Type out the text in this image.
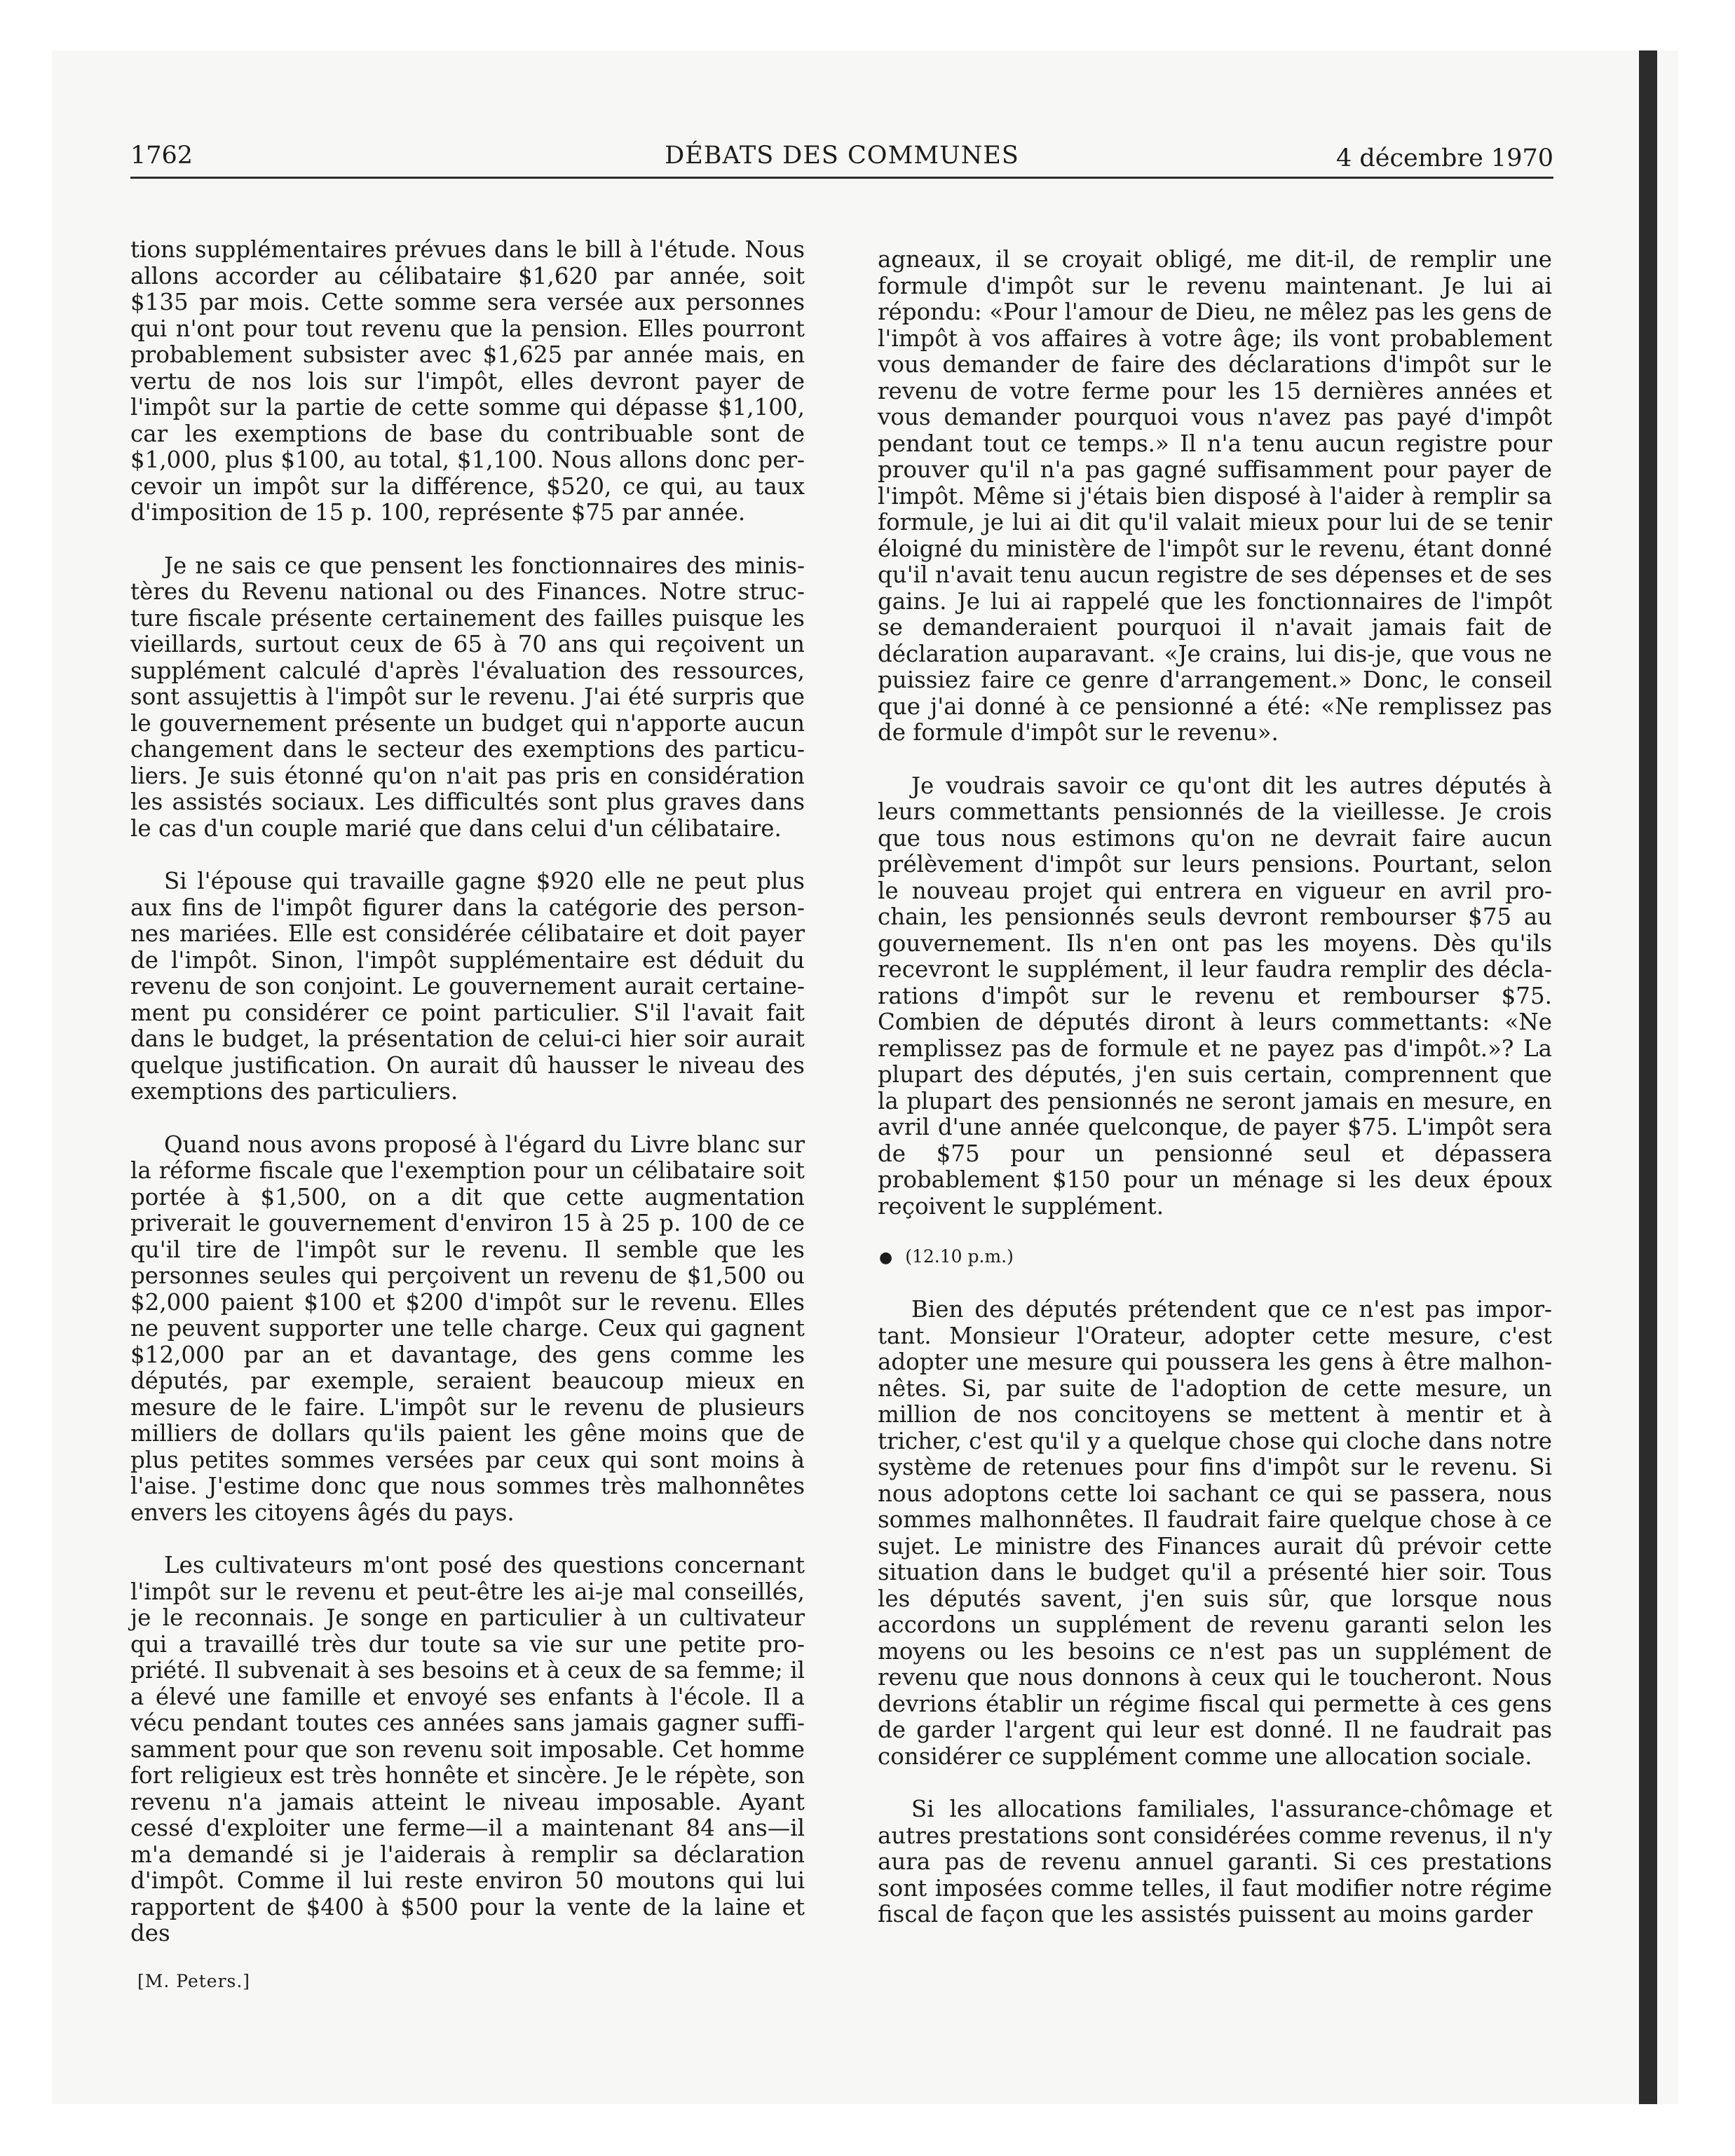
1762	DÉBATS DES COMMUNES	4 décembre 1970

tions supplémentaires prévues dans le bill à l'étude. Nous allons accorder au célibataire $1,620 par année, soit $135 par mois. Cette somme sera versée aux personnes qui n'ont pour tout revenu que la pension. Elles pourront probablement subsister avec $1,625 par année mais, en vertu de nos lois sur l'impôt, elles devront payer de l'impôt sur la partie de cette somme qui dépasse $1,100, car les exemptions de base du contribuable sont de $1,000, plus $100, au total, $1,100. Nous allons donc percevoir un impôt sur la différence, $520, ce qui, au taux d'imposition de 15 p. 100, représente $75 par année.

Je ne sais ce que pensent les fonctionnaires des ministères du Revenu national ou des Finances. Notre structure fiscale présente certainement des failles puisque les vieillards, surtout ceux de 65 à 70 ans qui reçoivent un supplément calculé d'après l'évaluation des ressources, sont assujettis à l'impôt sur le revenu. J'ai été surpris que le gouvernement présente un budget qui n'apporte aucun changement dans le secteur des exemptions des particuliers. Je suis étonné qu'on n'ait pas pris en considération les assistés sociaux. Les difficultés sont plus graves dans le cas d'un couple marié que dans celui d'un célibataire.

Si l'épouse qui travaille gagne $920 elle ne peut plus aux fins de l'impôt figurer dans la catégorie des personnes mariées. Elle est considérée célibataire et doit payer de l'impôt. Sinon, l'impôt supplémentaire est déduit du revenu de son conjoint. Le gouvernement aurait certainement pu considérer ce point particulier. S'il l'avait fait dans le budget, la présentation de celui-ci hier soir aurait quelque justification. On aurait dû hausser le niveau des exemptions des particuliers.

Quand nous avons proposé à l'égard du Livre blanc sur la réforme fiscale que l'exemption pour un célibataire soit portée à $1,500, on a dit que cette augmentation priverait le gouvernement d'environ 15 à 25 p. 100 de ce qu'il tire de l'impôt sur le revenu. Il semble que les personnes seules qui perçoivent un revenu de $1,500 ou $2,000 paient $100 et $200 d'impôt sur le revenu. Elles ne peuvent supporter une telle charge. Ceux qui gagnent $12,000 par an et davantage, des gens comme les députés, par exemple, seraient beaucoup mieux en mesure de le faire. L'impôt sur le revenu de plusieurs milliers de dollars qu'ils paient les gêne moins que de plus petites sommes versées par ceux qui sont moins à l'aise. J'estime donc que nous sommes très malhonnêtes envers les citoyens âgés du pays.

Les cultivateurs m'ont posé des questions concernant l'impôt sur le revenu et peut-être les ai-je mal conseillés, je le reconnais. Je songe en particulier à un cultivateur qui a travaillé très dur toute sa vie sur une petite propriété. Il subvenait à ses besoins et à ceux de sa femme; il a élevé une famille et envoyé ses enfants à l'école. Il a vécu pendant toutes ces années sans jamais gagner suffisamment pour que son revenu soit imposable. Cet homme fort religieux est très honnête et sincère. Je le répète, son revenu n'a jamais atteint le niveau imposable. Ayant cessé d'exploiter une ferme—il a maintenant 84 ans—il m'a demandé si je l'aiderais à remplir sa déclaration d'impôt. Comme il lui reste environ 50 moutons qui lui rapportent de $400 à $500 pour la vente de la laine et des

agneaux, il se croyait obligé, me dit-il, de remplir une formule d'impôt sur le revenu maintenant. Je lui ai répondu: «Pour l'amour de Dieu, ne mêlez pas les gens de l'impôt à vos affaires à votre âge; ils vont probablement vous demander de faire des déclarations d'impôt sur le revenu de votre ferme pour les 15 dernières années et vous demander pourquoi vous n'avez pas payé d'impôt pendant tout ce temps.» Il n'a tenu aucun registre pour prouver qu'il n'a pas gagné suffisamment pour payer de l'impôt. Même si j'étais bien disposé à l'aider à remplir sa formule, je lui ai dit qu'il valait mieux pour lui de se tenir éloigné du ministère de l'impôt sur le revenu, étant donné qu'il n'avait tenu aucun registre de ses dépenses et de ses gains. Je lui ai rappelé que les fonctionnaires de l'impôt se demanderaient pourquoi il n'avait jamais fait de déclaration auparavant. «Je crains, lui dis-je, que vous ne puissiez faire ce genre d'arrangement.» Donc, le conseil que j'ai donné à ce pensionné a été: «Ne remplissez pas de formule d'impôt sur le revenu».

Je voudrais savoir ce qu'ont dit les autres députés à leurs commettants pensionnés de la vieillesse. Je crois que tous nous estimons qu'on ne devrait faire aucun prélèvement d'impôt sur leurs pensions. Pourtant, selon le nouveau projet qui entrera en vigueur en avril prochain, les pensionnés seuls devront rembourser $75 au gouvernement. Ils n'en ont pas les moyens. Dès qu'ils recevront le supplément, il leur faudra remplir des déclarations d'impôt sur le revenu et rembourser $75. Combien de députés diront à leurs commettants: «Ne remplissez pas de formule et ne payez pas d'impôt.»? La plupart des députés, j'en suis certain, comprennent que la plupart des pensionnés ne seront jamais en mesure, en avril d'une année quelconque, de payer $75. L'impôt sera de $75 pour un pensionné seul et dépassera probablement $150 pour un ménage si les deux époux reçoivent le supplément.

● (12.10 p.m.)

Bien des députés prétendent que ce n'est pas important. Monsieur l'Orateur, adopter cette mesure, c'est adopter une mesure qui poussera les gens à être malhonnêtes. Si, par suite de l'adoption de cette mesure, un million de nos concitoyens se mettent à mentir et à tricher, c'est qu'il y a quelque chose qui cloche dans notre système de retenues pour fins d'impôt sur le revenu. Si nous adoptons cette loi sachant ce qui se passera, nous sommes malhonnêtes. Il faudrait faire quelque chose à ce sujet. Le ministre des Finances aurait dû prévoir cette situation dans le budget qu'il a présenté hier soir. Tous les députés savent, j'en suis sûr, que lorsque nous accordons un supplément de revenu garanti selon les moyens ou les besoins ce n'est pas un supplément de revenu que nous donnons à ceux qui le toucheront. Nous devrions établir un régime fiscal qui permette à ces gens de garder l'argent qui leur est donné. Il ne faudrait pas considérer ce supplément comme une allocation sociale.

Si les allocations familiales, l'assurance-chômage et autres prestations sont considérées comme revenus, il n'y aura pas de revenu annuel garanti. Si ces prestations sont imposées comme telles, il faut modifier notre régime fiscal de façon que les assistés puissent au moins garder

[M. Peters.]
